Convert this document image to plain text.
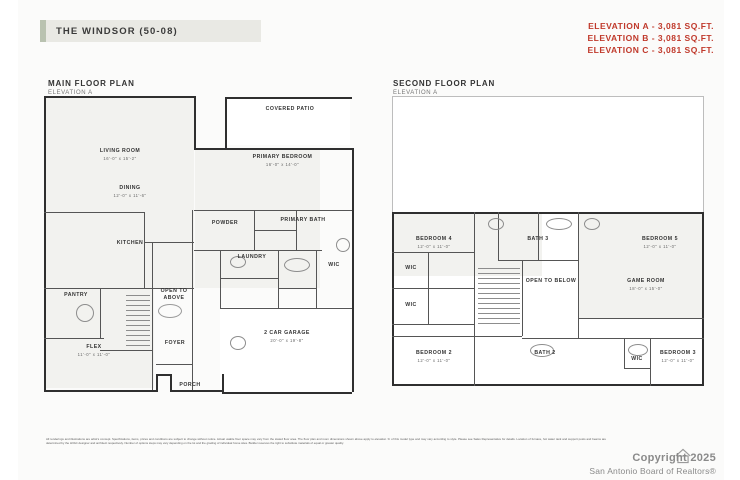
THE WINDSOR (50-08)	ELEVATION A - 3,081 SQ.FT.
ELEVATION B - 3,081 SQ.FT.
ELEVATION C - 3,081 SQ.FT.
MAIN FLOOR PLAN
ELEVATION A
SECOND FLOOR PLAN
ELEVATION A
LIVING ROOM
16'-0" x 15'-2"
COVERED PATIO
PRIMARY BEDROOM
16'-0" x 14'-0"
DINING
12'-0" x 11'-6"
KITCHEN
POWDER	PRIMARY BATH
LAUNDRY
WIC
PANTRY
OPEN TO ABOVE
FLEX
11'-0" x 11'-0"
FOYER
2 CAR GARAGE
20'-0" x 19'-8"
PORCH
BEDROOM 4
12'-0" x 11'-0"
BATH 3	BEDROOM 5
12'-0" x 11'-0"
WIC
WIC
OPEN TO BELOW	GAME ROOM
18'-0" x 15'-0"
BEDROOM 2
12'-0" x 11'-0"
BATH 2
WIC
BEDROOM 3
12'-0" x 11'-0"
All renderings and illustrations are artist's concept. Specifications, items, prices and conditions are subject to change without notice. Actual usable floor space may vary from the stated floor area. The floor plan and room dimensions shown above apply to elevation 'A' of this model type and may vary according to style. Please see Sales Representative for details. Location of furnace, hot water tank and support posts and beams are determined by the HVAC designer and architect respectively. Number of options steps may vary depending on the lot and the grading of individual home sites. Builder reserves the right to substitute materials of equal or greater quality.
Copyright 2025
San Antonio Board of Realtors®
